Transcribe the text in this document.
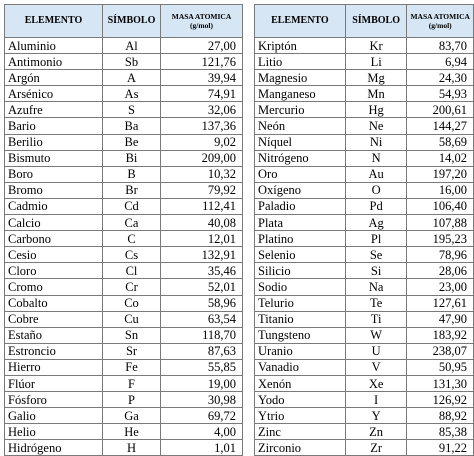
ELEMENTO	SÍMBOLO	MASA ATOMICA
(g/mol)

Aluminio	Al	27,00
Antimonio	Sb	121,76
Argón	A	39,94
Arsénico	As	74,91
Azufre	S	32,06
Bario	Ba	137,36
Berilio	Be	9,02
Bismuto	Bi	209,00
Boro	B	10,32
Bromo	Br	79,92
Cadmio	Cd	112,41
Calcio	Ca	40,08
Carbono	C	12,01
Cesio	Cs	132,91
Cloro	Cl	35,46
Cromo	Cr	52,01
Cobalto	Co	58,96
Cobre	Cu	63,54
Estaño	Sn	118,70
Estroncio	Sr	87,63
Hierro	Fe	55,85
Flúor	F	19,00
Fósforo	P	30,98
Galio	Ga	69,72
Helio	He	4,00
Hidrógeno	H	1,01
ELEMENTO	SÍMBOLO	MASA ATOMICA
(g/mol)

Kriptón	Kr	83,70
Litio	Li	6,94
Magnesio	Mg	24,30
Manganeso	Mn	54,93
Mercurio	Hg	200,61
Neón	Ne	144,27
Níquel	Ni	58,69
Nitrógeno	N	14,02
Oro	Au	197,20
Oxígeno	O	16,00
Paladio	Pd	106,40
Plata	Ag	107,88
Platino	Pl	195,23
Selenio	Se	78,96
Silicio	Si	28,06
Sodio	Na	23,00
Telurio	Te	127,61
Titanio	Ti	47,90
Tungsteno	W	183,92
Uranio	U	238,07
Vanadio	V	50,95
Xenón	Xe	131,30
Yodo	I	126,92
Ytrio	Y	88,92
Zinc	Zn	85,38
Zirconio	Zr	91,22
